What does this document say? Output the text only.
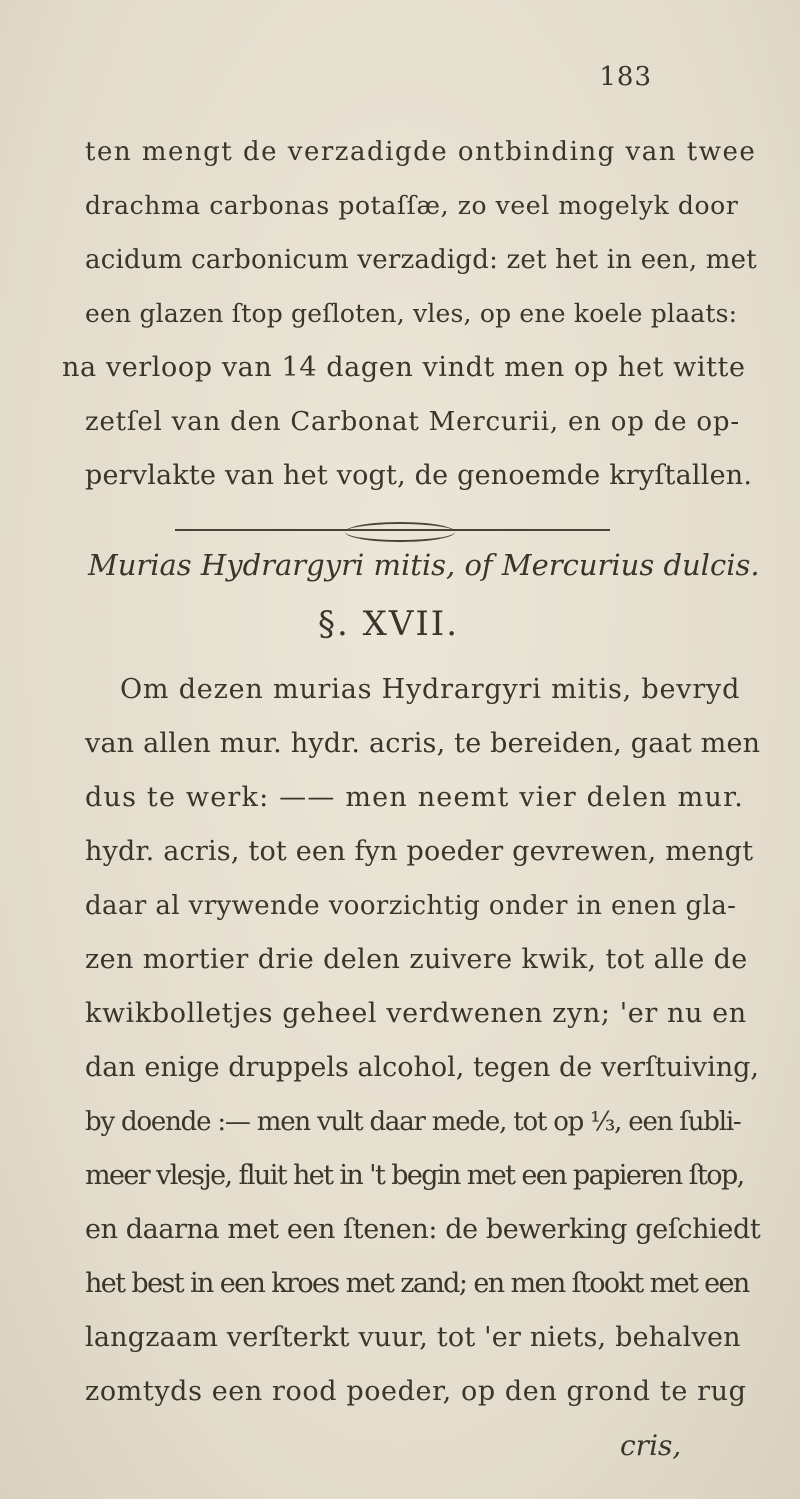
183
ten mengt de verzadigde ontbinding van twee
drachma carbonas potaſſæ, zo veel mogelyk door
acidum carbonicum verzadigd: zet het in een, met
een glazen ſtop geſloten, vles, op ene koele plaats:
na verloop van 14 dagen vindt men op het witte
zetſel van den Carbonat Mercurii, en op de op-
pervlakte van het vogt, de genoemde kryſtallen.
Murias Hydrargyri mitis, of Mercurius dulcis.
§. XVII.
Om dezen murias Hydrargyri mitis, bevryd
van allen mur. hydr. acris, te bereiden, gaat men
dus te werk: —— men neemt vier delen mur.
hydr. acris, tot een fyn poeder gevrewen, mengt
daar al vrywende voorzichtig onder in enen gla-
zen mortier drie delen zuivere kwik, tot alle de
kwikbolletjes geheel verdwenen zyn; 'er nu en
dan enige druppels alcohol, tegen de verſtuiving,
by doende :— men vult daar mede, tot op ⅓, een ſubli-
meer vlesje, fluit het in 't begin met een papieren ſtop,
en daarna met een ſtenen: de bewerking geſchiedt
het best in een kroes met zand; en men ſtookt met een
langzaam verſterkt vuur, tot 'er niets, behalven
zomtyds een rood poeder, op den grond te rug
cris,
